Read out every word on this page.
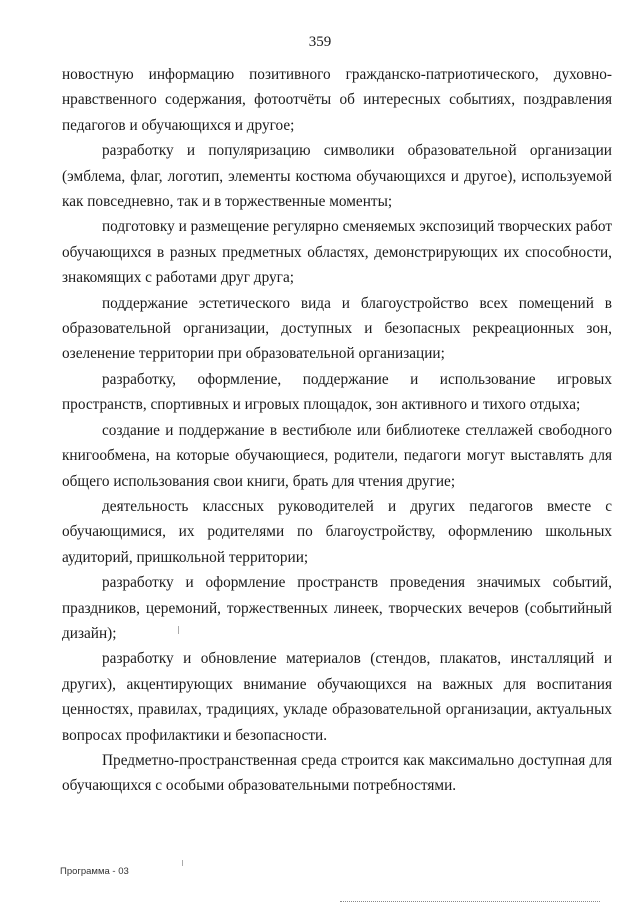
359

новостную информацию позитивного гражданско-патриотического, духовно-нравственного содержания, фотоотчёты об интересных событиях, поздравления педагогов и обучающихся и другое;

разработку и популяризацию символики образовательной организации (эмблема, флаг, логотип, элементы костюма обучающихся и другое), используемой как повседневно, так и в торжественные моменты;

подготовку и размещение регулярно сменяемых экспозиций творческих работ обучающихся в разных предметных областях, демонстрирующих их способности, знакомящих с работами друг друга;

поддержание эстетического вида и благоустройство всех помещений в образовательной организации, доступных и безопасных рекреационных зон, озеленение территории при образовательной организации;

разработку, оформление, поддержание и использование игровых пространств, спортивных и игровых площадок, зон активного и тихого отдыха;

создание и поддержание в вестибюле или библиотеке стеллажей свободного книгообмена, на которые обучающиеся, родители, педагоги могут выставлять для общего использования свои книги, брать для чтения другие;

деятельность классных руководителей и других педагогов вместе с обучающимися, их родителями по благоустройству, оформлению школьных аудиторий, пришкольной территории;

разработку и оформление пространств проведения значимых событий, праздников, церемоний, торжественных линеек, творческих вечеров (событийный дизайн);

разработку и обновление материалов (стендов, плакатов, инсталляций и других), акцентирующих внимание обучающихся на важных для воспитания ценностях, правилах, традициях, укладе образовательной организации, актуальных вопросах профилактики и безопасности.

Предметно-пространственная среда строится как максимально доступная для обучающихся с особыми образовательными потребностями.

Программа - 03
